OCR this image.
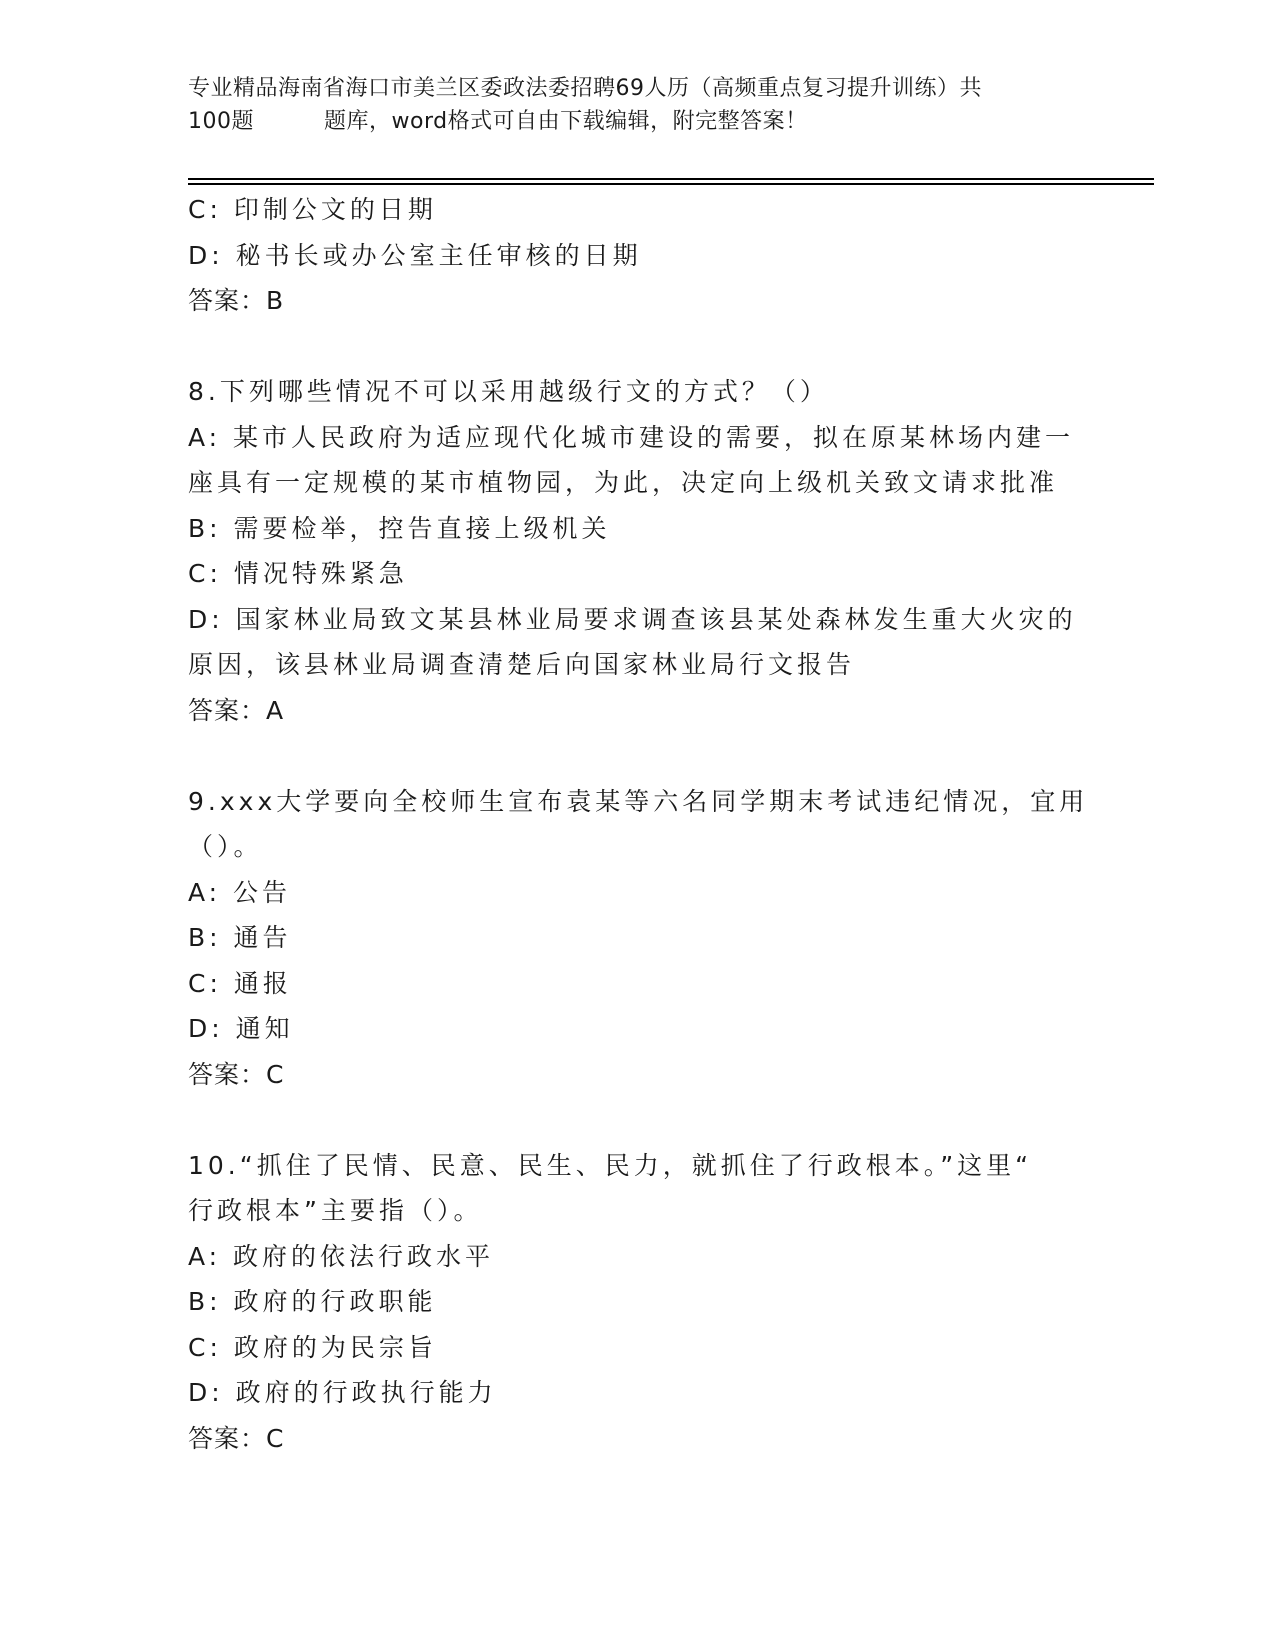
专业精品海南省海口市美兰区委政法委招聘69人历（高频重点复习提升训练）共
100题	题库，word格式可自由下载编辑，附完整答案！
C: 印制公文的日期
D: 秘书长或办公室主任审核的日期
答案：B
8.下列哪些情况不可以采用越级行文的方式？（）
A: 某市人民政府为适应现代化城市建设的需要，拟在原某林场内建一
座具有一定规模的某市植物园，为此，决定向上级机关致文请求批准
B: 需要检举，控告直接上级机关
C: 情况特殊紧急
D: 国家林业局致文某县林业局要求调查该县某处森林发生重大火灾的
原因，该县林业局调查清楚后向国家林业局行文报告
答案：A
9.xxx大学要向全校师生宣布袁某等六名同学期末考试违纪情况，宜用
（）。
A: 公告
B: 通告
C: 通报
D: 通知
答案：C
10.“抓住了民情、民意、民生、民力，就抓住了行政根本。”这里“
行政根本”主要指（）。
A: 政府的依法行政水平
B: 政府的行政职能
C: 政府的为民宗旨
D: 政府的行政执行能力
答案：C
